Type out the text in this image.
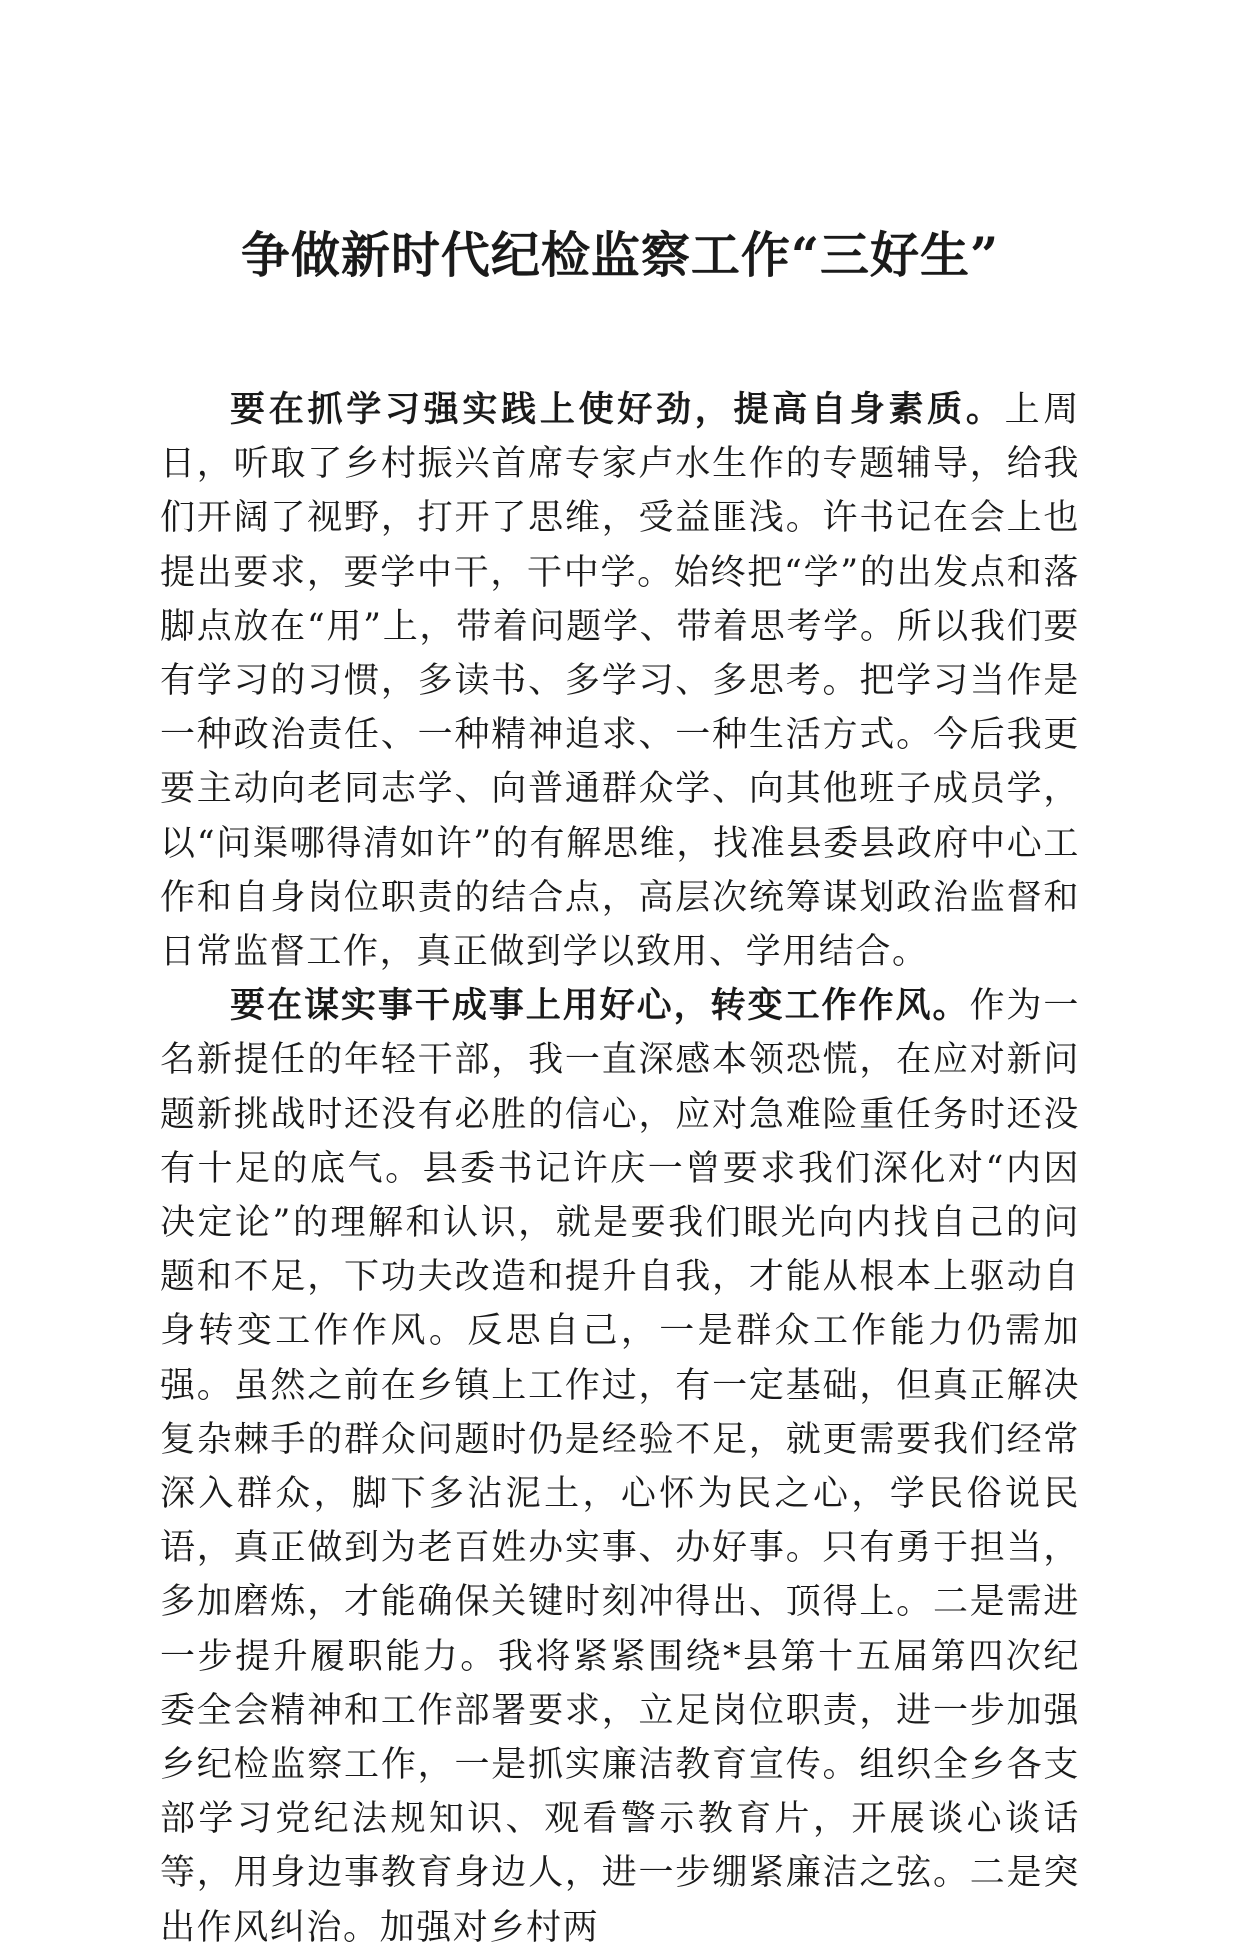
争做新时代纪检监察工作“三好生”

要在抓学习强实践上使好劲，提高自身素质。上周日，听取了乡村振兴首席专家卢水生作的专题辅导，给我们开阔了视野，打开了思维，受益匪浅。许书记在会上也提出要求，要学中干，干中学。始终把“学”的出发点和落脚点放在“用”上，带着问题学、带着思考学。所以我们要有学习的习惯，多读书、多学习、多思考。把学习当作是一种政治责任、一种精神追求、一种生活方式。今后我更要主动向老同志学、向普通群众学、向其他班子成员学，以“问渠哪得清如许”的有解思维，找准县委县政府中心工作和自身岗位职责的结合点，高层次统筹谋划政治监督和日常监督工作，真正做到学以致用、学用结合。

要在谋实事干成事上用好心，转变工作作风。作为一名新提任的年轻干部，我一直深感本领恐慌，在应对新问题新挑战时还没有必胜的信心，应对急难险重任务时还没有十足的底气。县委书记许庆一曾要求我们深化对“内因决定论”的理解和认识，就是要我们眼光向内找自己的问题和不足，下功夫改造和提升自我，才能从根本上驱动自身转变工作作风。反思自己，一是群众工作能力仍需加强。虽然之前在乡镇上工作过，有一定基础，但真正解决复杂棘手的群众问题时仍是经验不足，就更需要我们经常深入群众，脚下多沾泥土，心怀为民之心，学民俗说民语，真正做到为老百姓办实事、办好事。只有勇于担当，多加磨炼，才能确保关键时刻冲得出、顶得上。二是需进一步提升履职能力。我将紧紧围绕*县第十五届第四次纪委全会精神和工作部署要求，立足岗位职责，进一步加强乡纪检监察工作，一是抓实廉洁教育宣传。组织全乡各支部学习党纪法规知识、观看警示教育片，开展谈心谈话等，用身边事教育身边人，进一步绷紧廉洁之弦。二是突出作风纠治。加强对乡村两
